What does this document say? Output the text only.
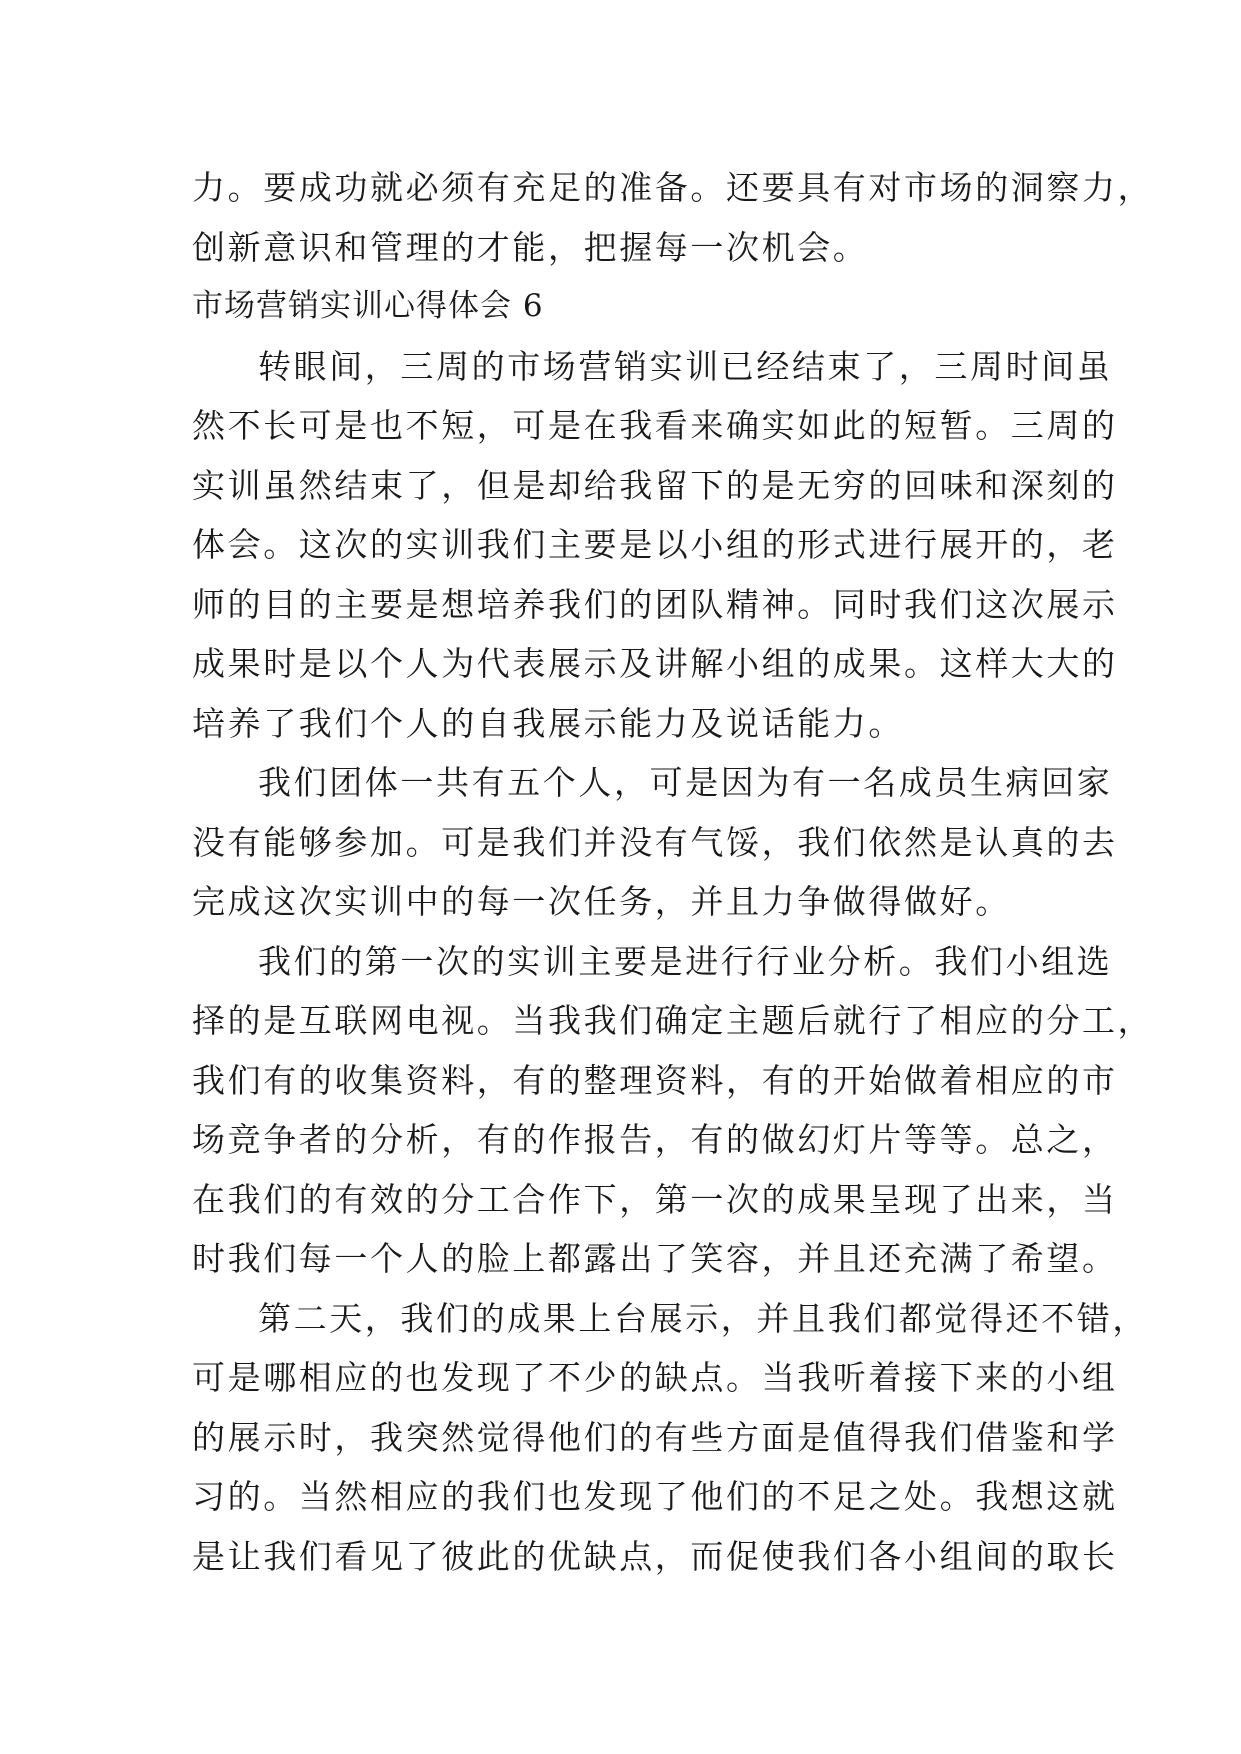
力。要成功就必须有充足的准备。还要具有对市场的洞察力，
创新意识和管理的才能，把握每一次机会。
市场营销实训心得体会 6
转眼间，三周的市场营销实训已经结束了，三周时间虽
然不长可是也不短，可是在我看来确实如此的短暂。三周的
实训虽然结束了，但是却给我留下的是无穷的回味和深刻的
体会。这次的实训我们主要是以小组的形式进行展开的，老
师的目的主要是想培养我们的团队精神。同时我们这次展示
成果时是以个人为代表展示及讲解小组的成果。这样大大的
培养了我们个人的自我展示能力及说话能力。
我们团体一共有五个人，可是因为有一名成员生病回家
没有能够参加。可是我们并没有气馁，我们依然是认真的去
完成这次实训中的每一次任务，并且力争做得做好。
我们的第一次的实训主要是进行行业分析。我们小组选
择的是互联网电视。当我我们确定主题后就行了相应的分工，
我们有的收集资料，有的整理资料，有的开始做着相应的市
场竞争者的分析，有的作报告，有的做幻灯片等等。总之，
在我们的有效的分工合作下，第一次的成果呈现了出来，当
时我们每一个人的脸上都露出了笑容，并且还充满了希望。
第二天，我们的成果上台展示，并且我们都觉得还不错，
可是哪相应的也发现了不少的缺点。当我听着接下来的小组
的展示时，我突然觉得他们的有些方面是值得我们借鉴和学
习的。当然相应的我们也发现了他们的不足之处。我想这就
是让我们看见了彼此的优缺点，而促使我们各小组间的取长
